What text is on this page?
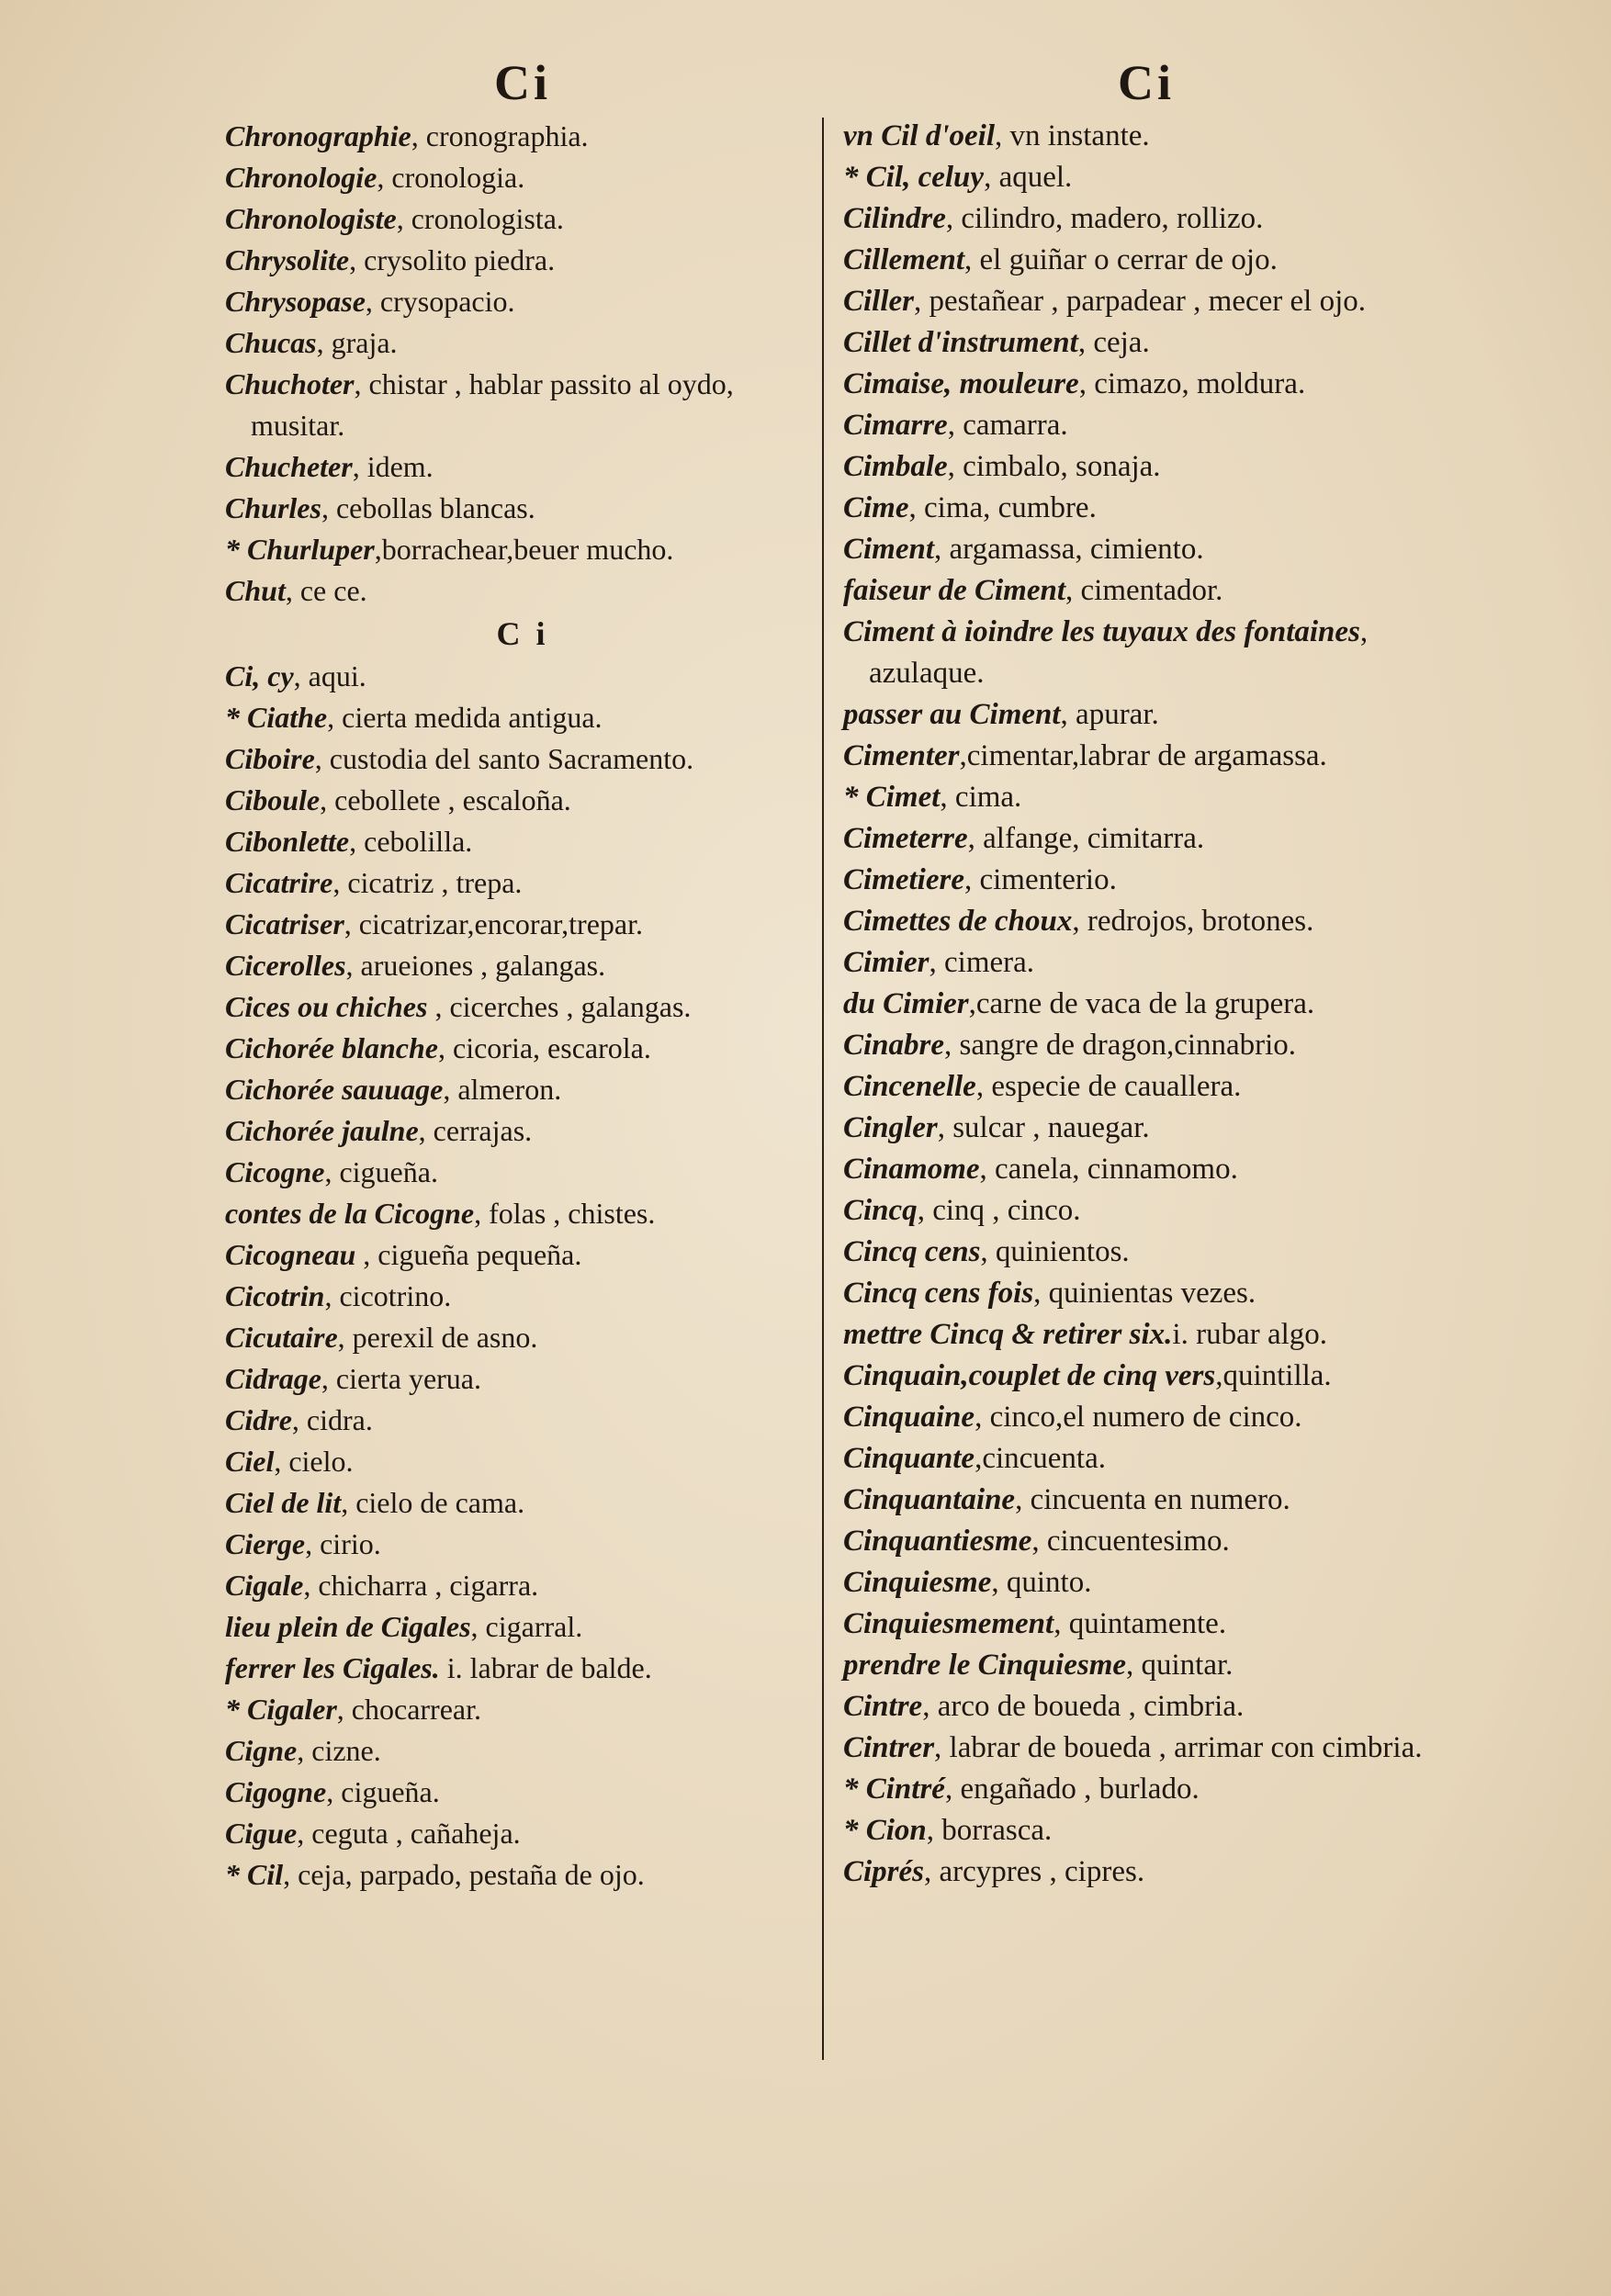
Ci
Chronographie, cronographia.
Chronologie, cronologia.
Chronologiste, cronologista.
Chrysolite, crysolito piedra.
Chrysopase, crysopacio.
Chucas, graja.
Chuchoter, chistar , hablar passito al oydo, musitar.
Chucheter, idem.
Churles, cebollas blancas.
* Churluper,borrachear,beuer mucho.
Chut, ce ce.
C i
Ci, cy, aqui.
* Ciathe, cierta medida antigua.
Ciboire, custodia del santo Sacramento.
Ciboule, cebollete , escaloña.
Cibonlette, cebolilla.
Cicatrire, cicatriz , trepa.
Cicatriser, cicatrizar,encorar,trepar.
Cicerolles, arueiones , galangas.
Cices ou chiches , cicerches , galangas.
Cichorée blanche, cicoria, escarola.
Cichorée sauuage, almeron.
Cichorée jaulne, cerrajas.
Cicogne, cigueña.
contes de la Cicogne, folas , chistes.
Cicogneau , cigueña pequeña.
Cicotrin, cicotrino.
Cicutaire, perexil de asno.
Cidrage, cierta yerua.
Cidre, cidra.
Ciel, cielo.
Ciel de lit, cielo de cama.
Cierge, cirio.
Cigale, chicharra , cigarra.
lieu plein de Cigales, cigarral.
ferrer les Cigales. i. labrar de balde.
* Cigaler, chocarrear.
Cigne, cizne.
Cigogne, cigueña.
Cigue, ceguta , cañaheja.
* Cil, ceja, parpado, pestaña de ojo.
Ci
vn Cil d'oeil, vn instante.
* Cil, celuy, aquel.
Cilindre, cilindro, madero, rollizo.
Cillement, el guiñar o cerrar de ojo.
Ciller, pestañear , parpadear , mecer el ojo.
Cillet d'instrument, ceja.
Cimaise, mouleure, cimazo, moldura.
Cimarre, camarra.
Cimbale, cimbalo, sonaja.
Cime, cima, cumbre.
Ciment, argamassa, cimiento.
faiseur de Ciment, cimentador.
Ciment à ioindre les tuyaux des fontaines, azulaque.
passer au Ciment, apurar.
Cimenter,cimentar,labrar de argamassa.
* Cimet, cima.
Cimeterre, alfange, cimitarra.
Cimetiere, cimenterio.
Cimettes de choux, redrojos, brotones.
Cimier, cimera.
du Cimier,carne de vaca de la grupera.
Cinabre, sangre de dragon,cinnabrio.
Cincenelle, especie de cauallera.
Cingler, sulcar , nauegar.
Cinamome, canela, cinnamomo.
Cincq, cinq , cinco.
Cincq cens, quinientos.
Cincq cens fois, quinientas vezes.
mettre Cincq & retirer six.i. rubar algo.
Cinquain,couplet de cinq vers,quintilla.
Cinquaine, cinco,el numero de cinco.
Cinquante,cincuenta.
Cinquantaine, cincuenta en numero.
Cinquantiesme, cincuentesimo.
Cinquiesme, quinto.
Cinquiesmement, quintamente.
prendre le Cinquiesme, quintar.
Cintre, arco de boueda , cimbria.
Cintrer, labrar de boueda , arrimar con cimbria.
* Cintré, engañado , burlado.
* Cion, borrasca.
Ciprés, arcypres , cipres.
